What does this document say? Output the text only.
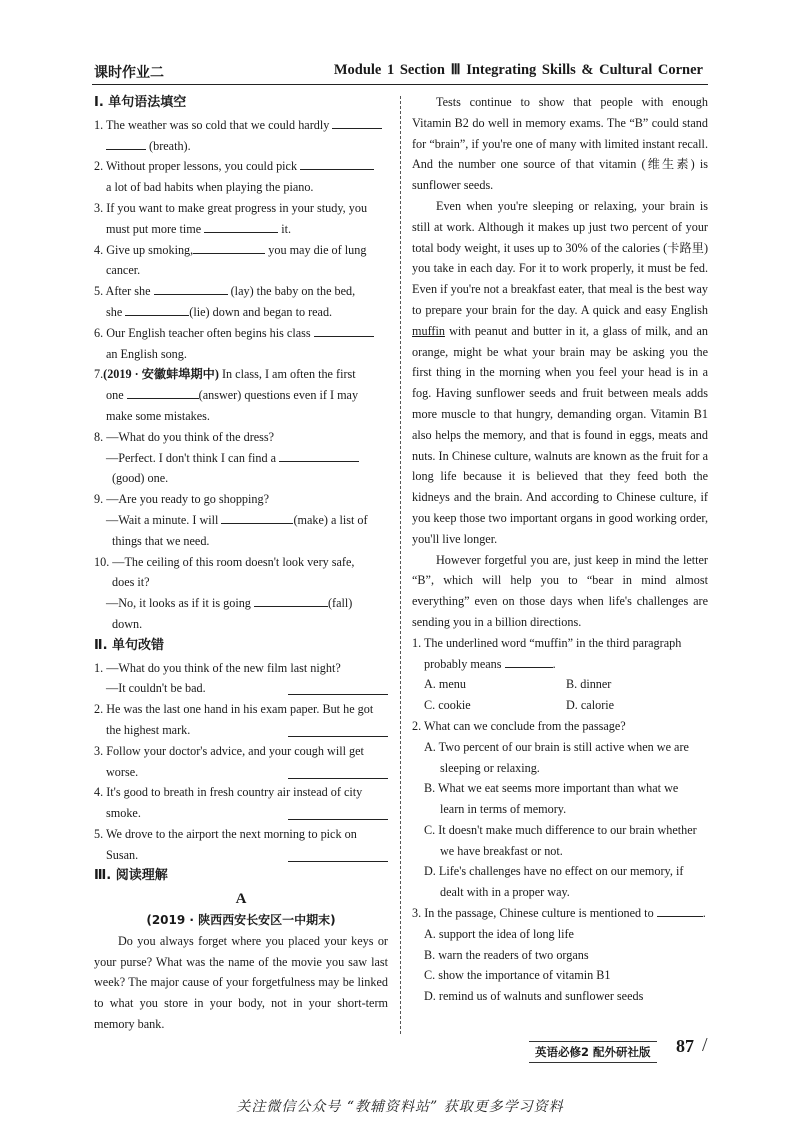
课时作业二	Module 1 Section Ⅲ Integrating Skills & Cultural Corner
Ⅰ. 单句语法填空
1. The weather was so cold that we could hardly
(breath).
2. Without proper lessons, you could pick
a lot of bad habits when playing the piano.
3. If you want to make great progress in your study, you
must put more time	it.
4. Give up smoking,	you may die of lung
cancer.
5. After she	(lay) the baby on the bed,
she	(lie) down and began to read.
6. Our English teacher often begins his class
an English song.
7.(2019 · 安徽蚌埠期中) In class, I am often the first
one	(answer) questions even if I may
make some mistakes.
8. —What do you think of the dress?
—Perfect. I don't think I can find a
(good) one.
9. —Are you ready to go shopping?
—Wait a minute. I will	(make) a list of
things that we need.
10. —The ceiling of this room doesn't look very safe,
does it?
—No, it looks as if it is going	(fall)
down.
Ⅱ. 单句改错
1. —What do you think of the new film last night?
—It couldn't be bad.
2. He was the last one hand in his exam paper. But he got
the highest mark.
3. Follow your doctor's advice, and your cough will get
worse.
4. It's good to breath in fresh country air instead of city
smoke.
5. We drove to the airport the next morning to pick on
Susan.
Ⅲ. 阅读理解
A
(2019 · 陕西西安长安区一中期末)
Do you always forget where you placed your keys or your purse? What was the name of the movie you saw last week? The major cause of your forgetfulness may be linked to what you store in your body, not in your short-term memory bank.
Tests continue to show that people with enough Vitamin B2 do well in memory exams. The “B” could stand for “brain”, if you're one of many with limited instant recall. And the number one source of that vitamin (维生素) is sunflower seeds.
Even when you're sleeping or relaxing, your brain is still at work. Although it makes up just two percent of your total body weight, it uses up to 30% of the calories (卡路里) you take in each day. For it to work properly, it must be fed. Even if you're not a breakfast eater, that meal is the best way to prepare your brain for the day. A quick and easy English muffin with peanut and butter in it, a glass of milk, and an orange, might be what your brain may be asking you the first thing in the morning when you feel your head is in a fog. Having sunflower seeds and fruit between meals adds more muscle to that hungry, demanding organ. Vitamin B1 also helps the memory, and that is found in eggs, meats and nuts. In Chinese culture, walnuts are known as the fruit for a long life because it is believed that they feed both the kidneys and the brain. And according to Chinese culture, if you keep those two important organs in good working order, you'll live longer.
However forgetful you are, just keep in mind the letter “B”, which will help you to “bear in mind almost everything” even on those days when life's challenges are sending you in a billion directions.
1. The underlined word “muffin” in the third paragraph
probably means	.
A. menu	B. dinner
C. cookie	D. calorie
2. What can we conclude from the passage?
A. Two percent of our brain is still active when we are
sleeping or relaxing.
B. What we eat seems more important than what we
learn in terms of memory.
C. It doesn't make much difference to our brain whether
we have breakfast or not.
D. Life's challenges have no effect on our memory, if
dealt with in a proper way.
3. In the passage, Chinese culture is mentioned to	.
A. support the idea of long life
B. warn the readers of two organs
C. show the importance of vitamin B1
D. remind us of walnuts and sunflower seeds
英语必修2 配外研社版	87 /
关注微信公众号 “教辅资料站” 获取更多学习资料
